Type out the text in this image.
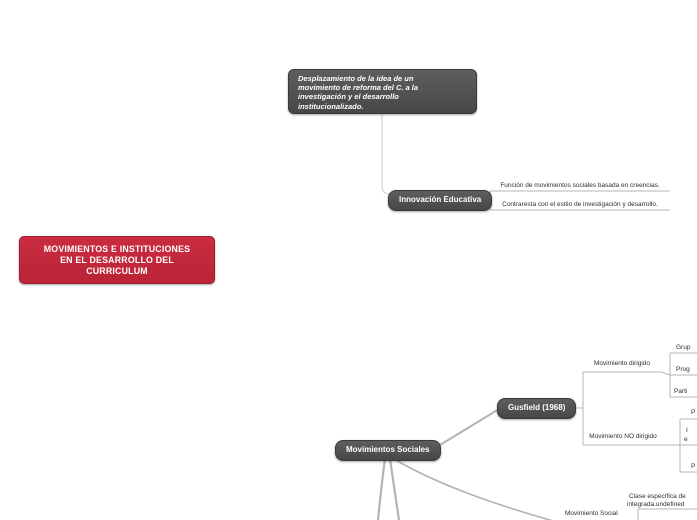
Desplazamiento de la idea de un
movimiento de reforma del C. a la
investigación y el desarrollo
institucionalizado.
MOVIMIENTOS E INSTITUCIONES
EN EL DESARROLLO DEL
CURRICULUM
Innovación Educativa
Función de movimientos sociales basada en creencias.
Contraresta con el estilo de investigación y desarrollo.
Gusfield (1968)
Movimiento dirigido
Grup
Prog
Parti
Movimiento NO dirigido
P
I
e
P
Movimientos Sociales
Movimiento Social
Clase específica de
integrada.undefined
